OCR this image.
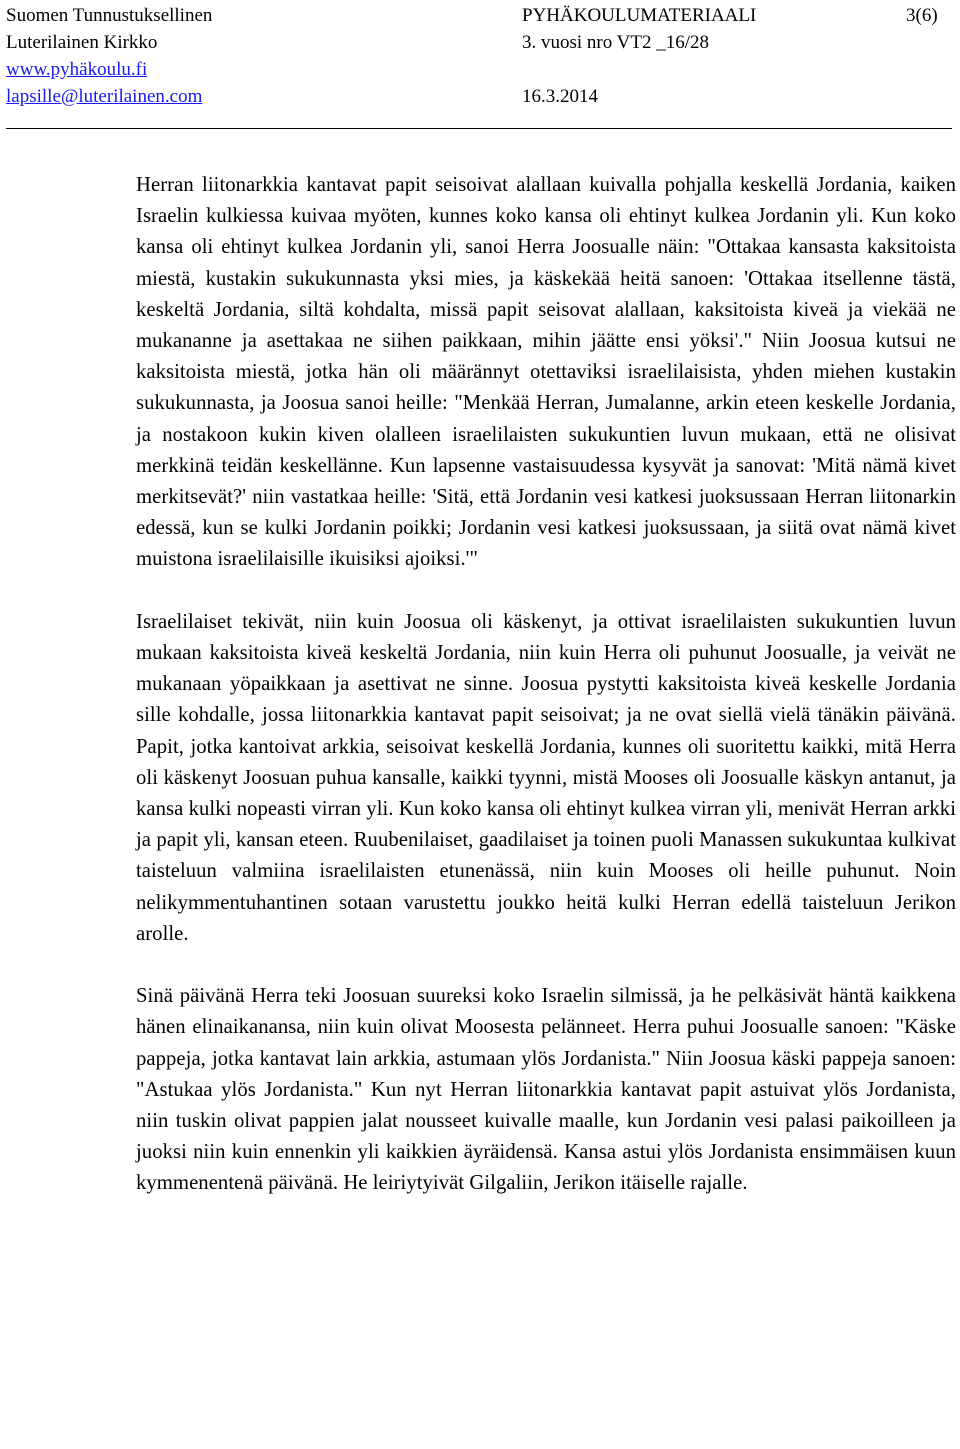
Suomen Tunnustuksellinen
Luterilainen Kirkko
www.pyhäkoulu.fi
lapsille@luterilainen.com
PYHÄKOULUMATERIAALI
3. vuosi nro VT2 _16/28
16.3.2014
3(6)

Herran liitonarkkia kantavat papit seisoivat alallaan kuivalla pohjalla keskellä Jordania, kaiken Israelin kulkiessa kuivaa myöten, kunnes koko kansa oli ehtinyt kulkea Jordanin yli. Kun koko kansa oli ehtinyt kulkea Jordanin yli, sanoi Herra Joosualle näin: "Ottakaa kansasta kaksitoista miestä, kustakin sukukunnasta yksi mies, ja käskekää heitä sanoen: 'Ottakaa itsellenne tästä, keskeltä Jordania, siltä kohdalta, missä papit seisovat alallaan, kaksitoista kiveä ja viekää ne mukananne ja asettakaa ne siihen paikkaan, mihin jäätte ensi yöksi'." Niin Joosua kutsui ne kaksitoista miestä, jotka hän oli määrännyt otettaviksi israelilaisista, yhden miehen kustakin sukukunnasta, ja Joosua sanoi heille: "Menkää Herran, Jumalanne, arkin eteen keskelle Jordania, ja nostakoon kukin kiven olalleen israelilaisten sukukuntien luvun mukaan, että ne olisivat merkkinä teidän keskellänne. Kun lapsenne vastaisuudessa kysyvät ja sanovat: 'Mitä nämä kivet merkitsevät?' niin vastatkaa heille: 'Sitä, että Jordanin vesi katkesi juoksussaan Herran liitonarkin edessä, kun se kulki Jordanin poikki; Jordanin vesi katkesi juoksussaan, ja siitä ovat nämä kivet muistona israelilaisille ikuisiksi ajoiksi.'"

Israelilaiset tekivät, niin kuin Joosua oli käskenyt, ja ottivat israelilaisten sukukuntien luvun mukaan kaksitoista kiveä keskeltä Jordania, niin kuin Herra oli puhunut Joosualle, ja veivät ne mukanaan yöpaikkaan ja asettivat ne sinne. Joosua pystytti kaksitoista kiveä keskelle Jordania sille kohdalle, jossa liitonarkkia kantavat papit seisoivat; ja ne ovat siellä vielä tänäkin päivänä. Papit, jotka kantoivat arkkia, seisoivat keskellä Jordania, kunnes oli suoritettu kaikki, mitä Herra oli käskenyt Joosuan puhua kansalle, kaikki tyynni, mistä Mooses oli Joosualle käskyn antanut, ja kansa kulki nopeasti virran yli. Kun koko kansa oli ehtinyt kulkea virran yli, menivät Herran arkki ja papit yli, kansan eteen. Ruubenilaiset, gaadilaiset ja toinen puoli Manassen sukukuntaa kulkivat taisteluun valmiina israelilaisten etunenässä, niin kuin Mooses oli heille puhunut. Noin nelikymmentuhantinen sotaan varustettu joukko heitä kulki Herran edellä taisteluun Jerikon arolle.

Sinä päivänä Herra teki Joosuan suureksi koko Israelin silmissä, ja he pelkäsivät häntä kaikkena hänen elinaikanansa, niin kuin olivat Moosesta pelänneet. Herra puhui Joosualle sanoen: "Käske pappeja, jotka kantavat lain arkkia, astumaan ylös Jordanista." Niin Joosua käski pappeja sanoen: "Astukaa ylös Jordanista." Kun nyt Herran liitonarkkia kantavat papit astuivat ylös Jordanista, niin tuskin olivat pappien jalat nousseet kuivalle maalle, kun Jordanin vesi palasi paikoilleen ja juoksi niin kuin ennenkin yli kaikkien äyräidensä. Kansa astui ylös Jordanista ensimmäisen kuun kymmenentenä päivänä. He leiriytyivät Gilgaliin, Jerikon itäiselle rajalle.
